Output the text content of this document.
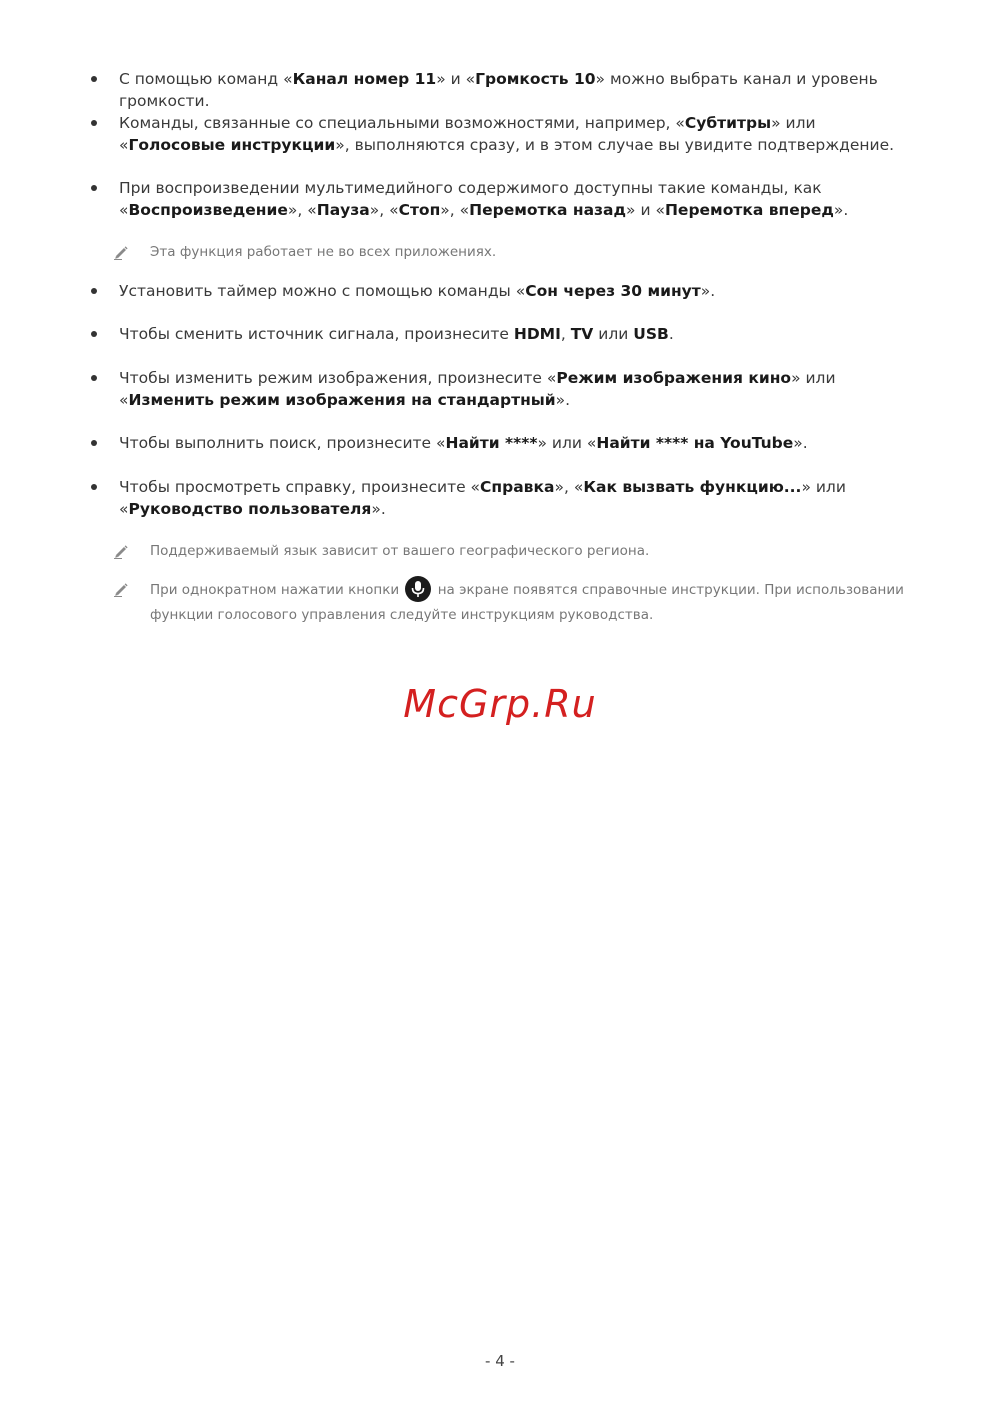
С помощью команд «Канал номер 11» и «Громкость 10» можно выбрать канал и уровень громкости.
Команды, связанные со специальными возможностями, например, «Субтитры» или «Голосовые инструкции», выполняются сразу, и в этом случае вы увидите подтверждение.
При воспроизведении мультимедийного содержимого доступны такие команды, как «Воспроизведение», «Пауза», «Стоп», «Перемотка назад» и «Перемотка вперед».
Эта функция работает не во всех приложениях.
Установить таймер можно с помощью команды «Сон через 30 минут».
Чтобы сменить источник сигнала, произнесите HDMI, TV или USB.
Чтобы изменить режим изображения, произнесите «Режим изображения кино» или «Изменить режим изображения на стандартный».
Чтобы выполнить поиск, произнесите «Найти ****» или «Найти **** на YouTube».
Чтобы просмотреть справку, произнесите «Справка», «Как вызвать функцию...» или «Руководство пользователя».
Поддерживаемый язык зависит от вашего географического региона.
При однократном нажатии кнопки	на экране появятся справочные инструкции. При использовании функции голосового управления следуйте инструкциям руководства.
McGrp.Ru
- 4 -
